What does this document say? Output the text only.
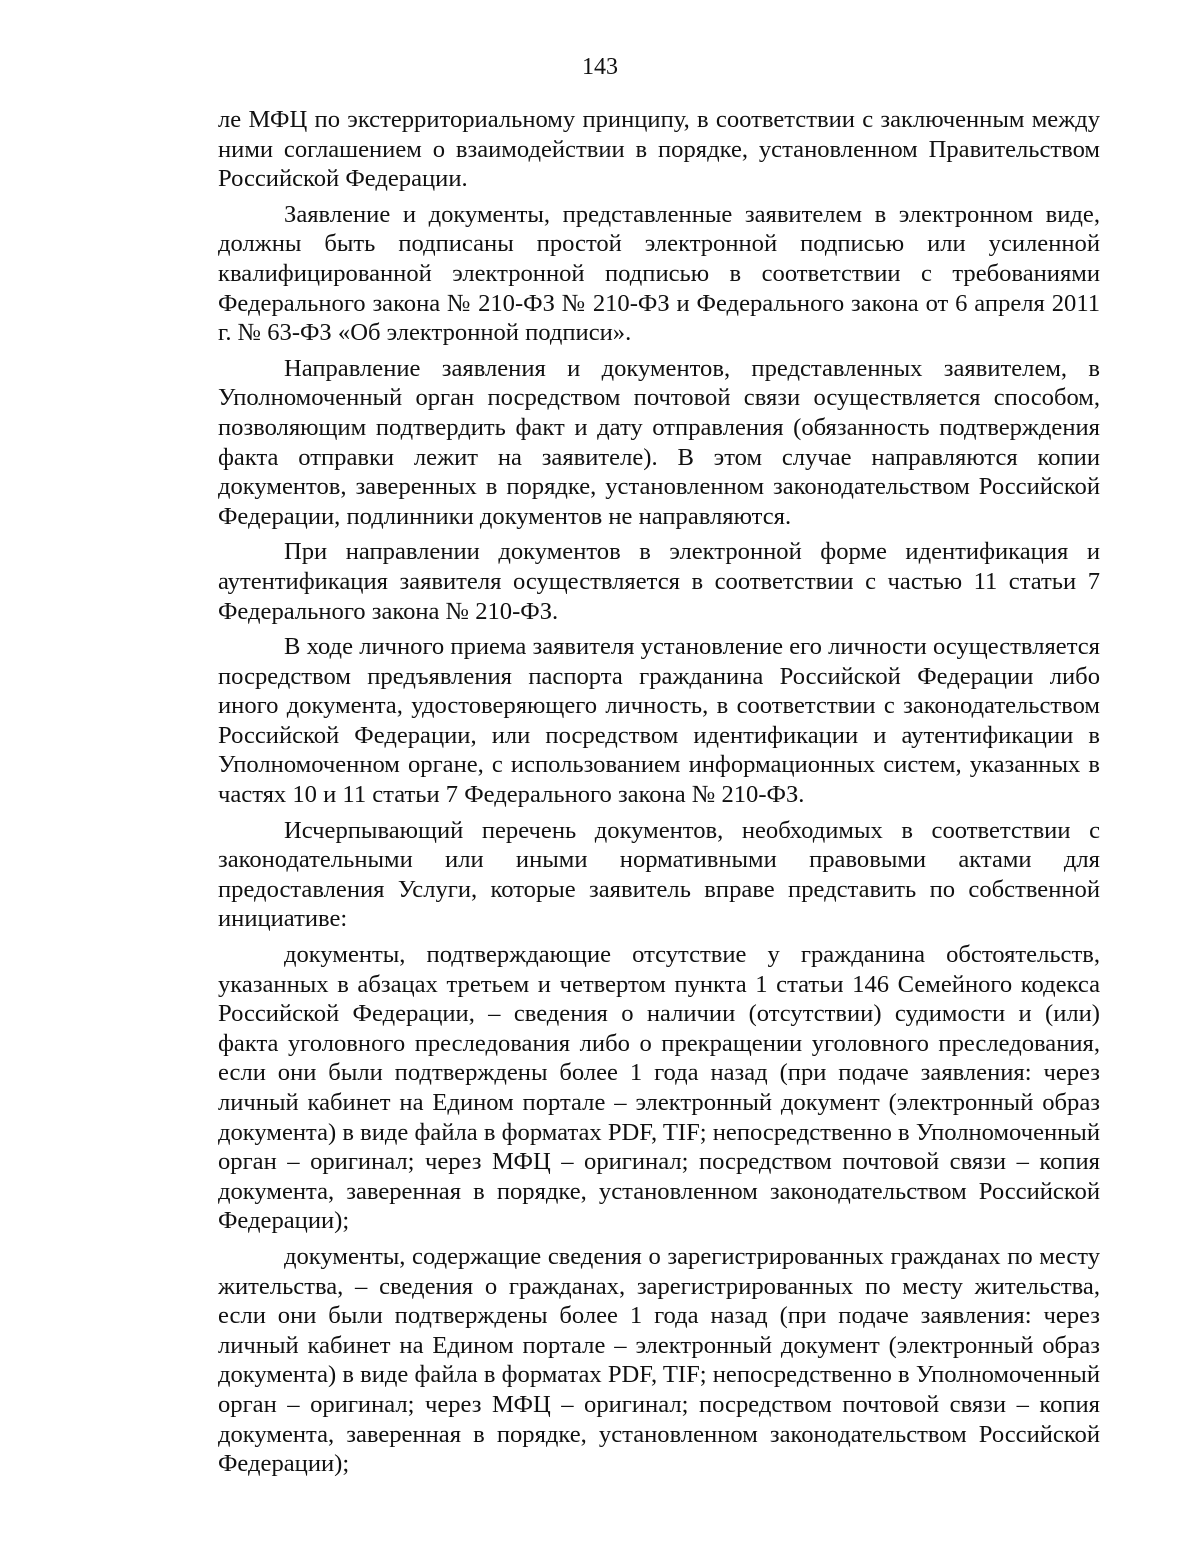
143

ле МФЦ по экстерриториальному принципу, в соответствии с заключенным между ними соглашением о взаимодействии в порядке, установленном Правительством Российской Федерации.

Заявление и документы, представленные заявителем в электронном виде, должны быть подписаны простой электронной подписью или усиленной квалифицированной электронной подписью в соответствии с требованиями Федерального закона № 210-ФЗ № 210-ФЗ и Федерального закона от 6 апреля 2011 г. № 63-ФЗ «Об электронной подписи».

Направление заявления и документов, представленных заявителем, в Уполномоченный орган посредством почтовой связи осуществляется способом, позволяющим подтвердить факт и дату отправления (обязанность подтверждения факта отправки лежит на заявителе). В этом случае направляются копии документов, заверенных в порядке, установленном законодательством Российской Федерации, подлинники документов не направляются.

При направлении документов в электронной форме идентификация и аутентификация заявителя осуществляется в соответствии с частью 11 статьи 7 Федерального закона № 210-ФЗ.

В ходе личного приема заявителя установление его личности осуществляется посредством предъявления паспорта гражданина Российской Федерации либо иного документа, удостоверяющего личность, в соответствии с законодательством Российской Федерации, или посредством идентификации и аутентификации в Уполномоченном органе, с использованием информационных систем, указанных в частях 10 и 11 статьи 7 Федерального закона № 210-ФЗ.

Исчерпывающий перечень документов, необходимых в соответствии с законодательными или иными нормативными правовыми актами для предоставления Услуги, которые заявитель вправе представить по собственной инициативе:

документы, подтверждающие отсутствие у гражданина обстоятельств, указанных в абзацах третьем и четвертом пункта 1 статьи 146 Семейного кодекса Российской Федерации, – сведения о наличии (отсутствии) судимости и (или) факта уголовного преследования либо о прекращении уголовного преследования, если они были подтверждены более 1 года назад (при подаче заявления: через личный кабинет на Едином портале – электронный документ (электронный образ документа) в виде файла в форматах PDF, TIF; непосредственно в Уполномоченный орган – оригинал; через МФЦ – оригинал; посредством почтовой связи – копия документа, заверенная в порядке, установленном законодательством Российской Федерации);

документы, содержащие сведения о зарегистрированных гражданах по месту жительства, – сведения о гражданах, зарегистрированных по месту жительства, если они были подтверждены более 1 года назад (при подаче заявления: через личный кабинет на Едином портале – электронный документ (электронный образ документа) в виде файла в форматах PDF, TIF; непосредственно в Уполномоченный орган – оригинал; через МФЦ – оригинал; посредством почтовой связи – копия документа, заверенная в порядке, установленном законодательством Российской Федерации);
